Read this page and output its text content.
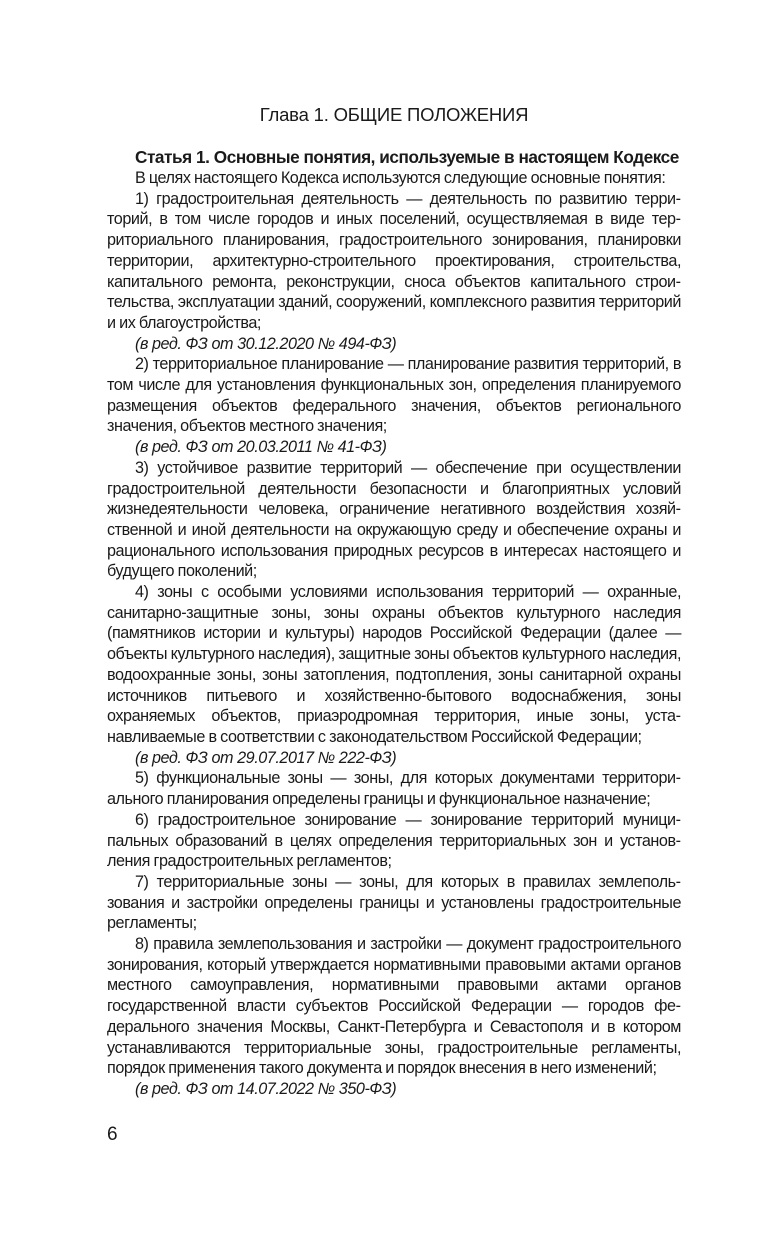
Глава 1. ОБЩИЕ ПОЛОЖЕНИЯ
Статья 1. Основные понятия, используемые в настоящем Кодексе

В целях настоящего Кодекса используются следующие основные понятия:

1) градостроительная деятельность — деятельность по развитию территорий, в том числе городов и иных поселений, осуществляемая в виде территориального планирования, градостроительного зонирования, планировки территории, архитектурно-строительного проектирования, строительства, капитального ремонта, реконструкции, сноса объектов капитального строительства, эксплуатации зданий, сооружений, комплексного развития территорий и их благоустройства;

(в ред. ФЗ от 30.12.2020 № 494-ФЗ)

2) территориальное планирование — планирование развития территорий, в том числе для установления функциональных зон, определения планируемого размещения объектов федерального значения, объектов регионального значения, объектов местного значения;

(в ред. ФЗ от 20.03.2011 № 41-ФЗ)

3) устойчивое развитие территорий — обеспечение при осуществлении градостроительной деятельности безопасности и благоприятных условий жизнедеятельности человека, ограничение негативного воздействия хозяйственной и иной деятельности на окружающую среду и обеспечение охраны и рационального использования природных ресурсов в интересах настоящего и будущего поколений;

4) зоны с особыми условиями использования территорий — охранные, санитарно-защитные зоны, зоны охраны объектов культурного наследия (памятников истории и культуры) народов Российской Федерации (далее — объекты культурного наследия), защитные зоны объектов культурного наследия, водоохранные зоны, зоны затопления, подтопления, зоны санитарной охраны источников питьевого и хозяйственно-бытового водоснабжения, зоны охраняемых объектов, приаэродромная территория, иные зоны, устанавливаемые в соответствии с законодательством Российской Федерации;

(в ред. ФЗ от 29.07.2017 № 222-ФЗ)

5) функциональные зоны — зоны, для которых документами территориального планирования определены границы и функциональное назначение;

6) градостроительное зонирование — зонирование территорий муниципальных образований в целях определения территориальных зон и установления градостроительных регламентов;

7) территориальные зоны — зоны, для которых в правилах землепользования и застройки определены границы и установлены градостроительные регламенты;

8) правила землепользования и застройки — документ градостроительного зонирования, который утверждается нормативными правовыми актами органов местного самоуправления, нормативными правовыми актами органов государственной власти субъектов Российской Федерации — городов федерального значения Москвы, Санкт-Петербурга и Севастополя и в котором устанавливаются территориальные зоны, градостроительные регламенты, порядок применения такого документа и порядок внесения в него изменений;

(в ред. ФЗ от 14.07.2022 № 350-ФЗ)

6
